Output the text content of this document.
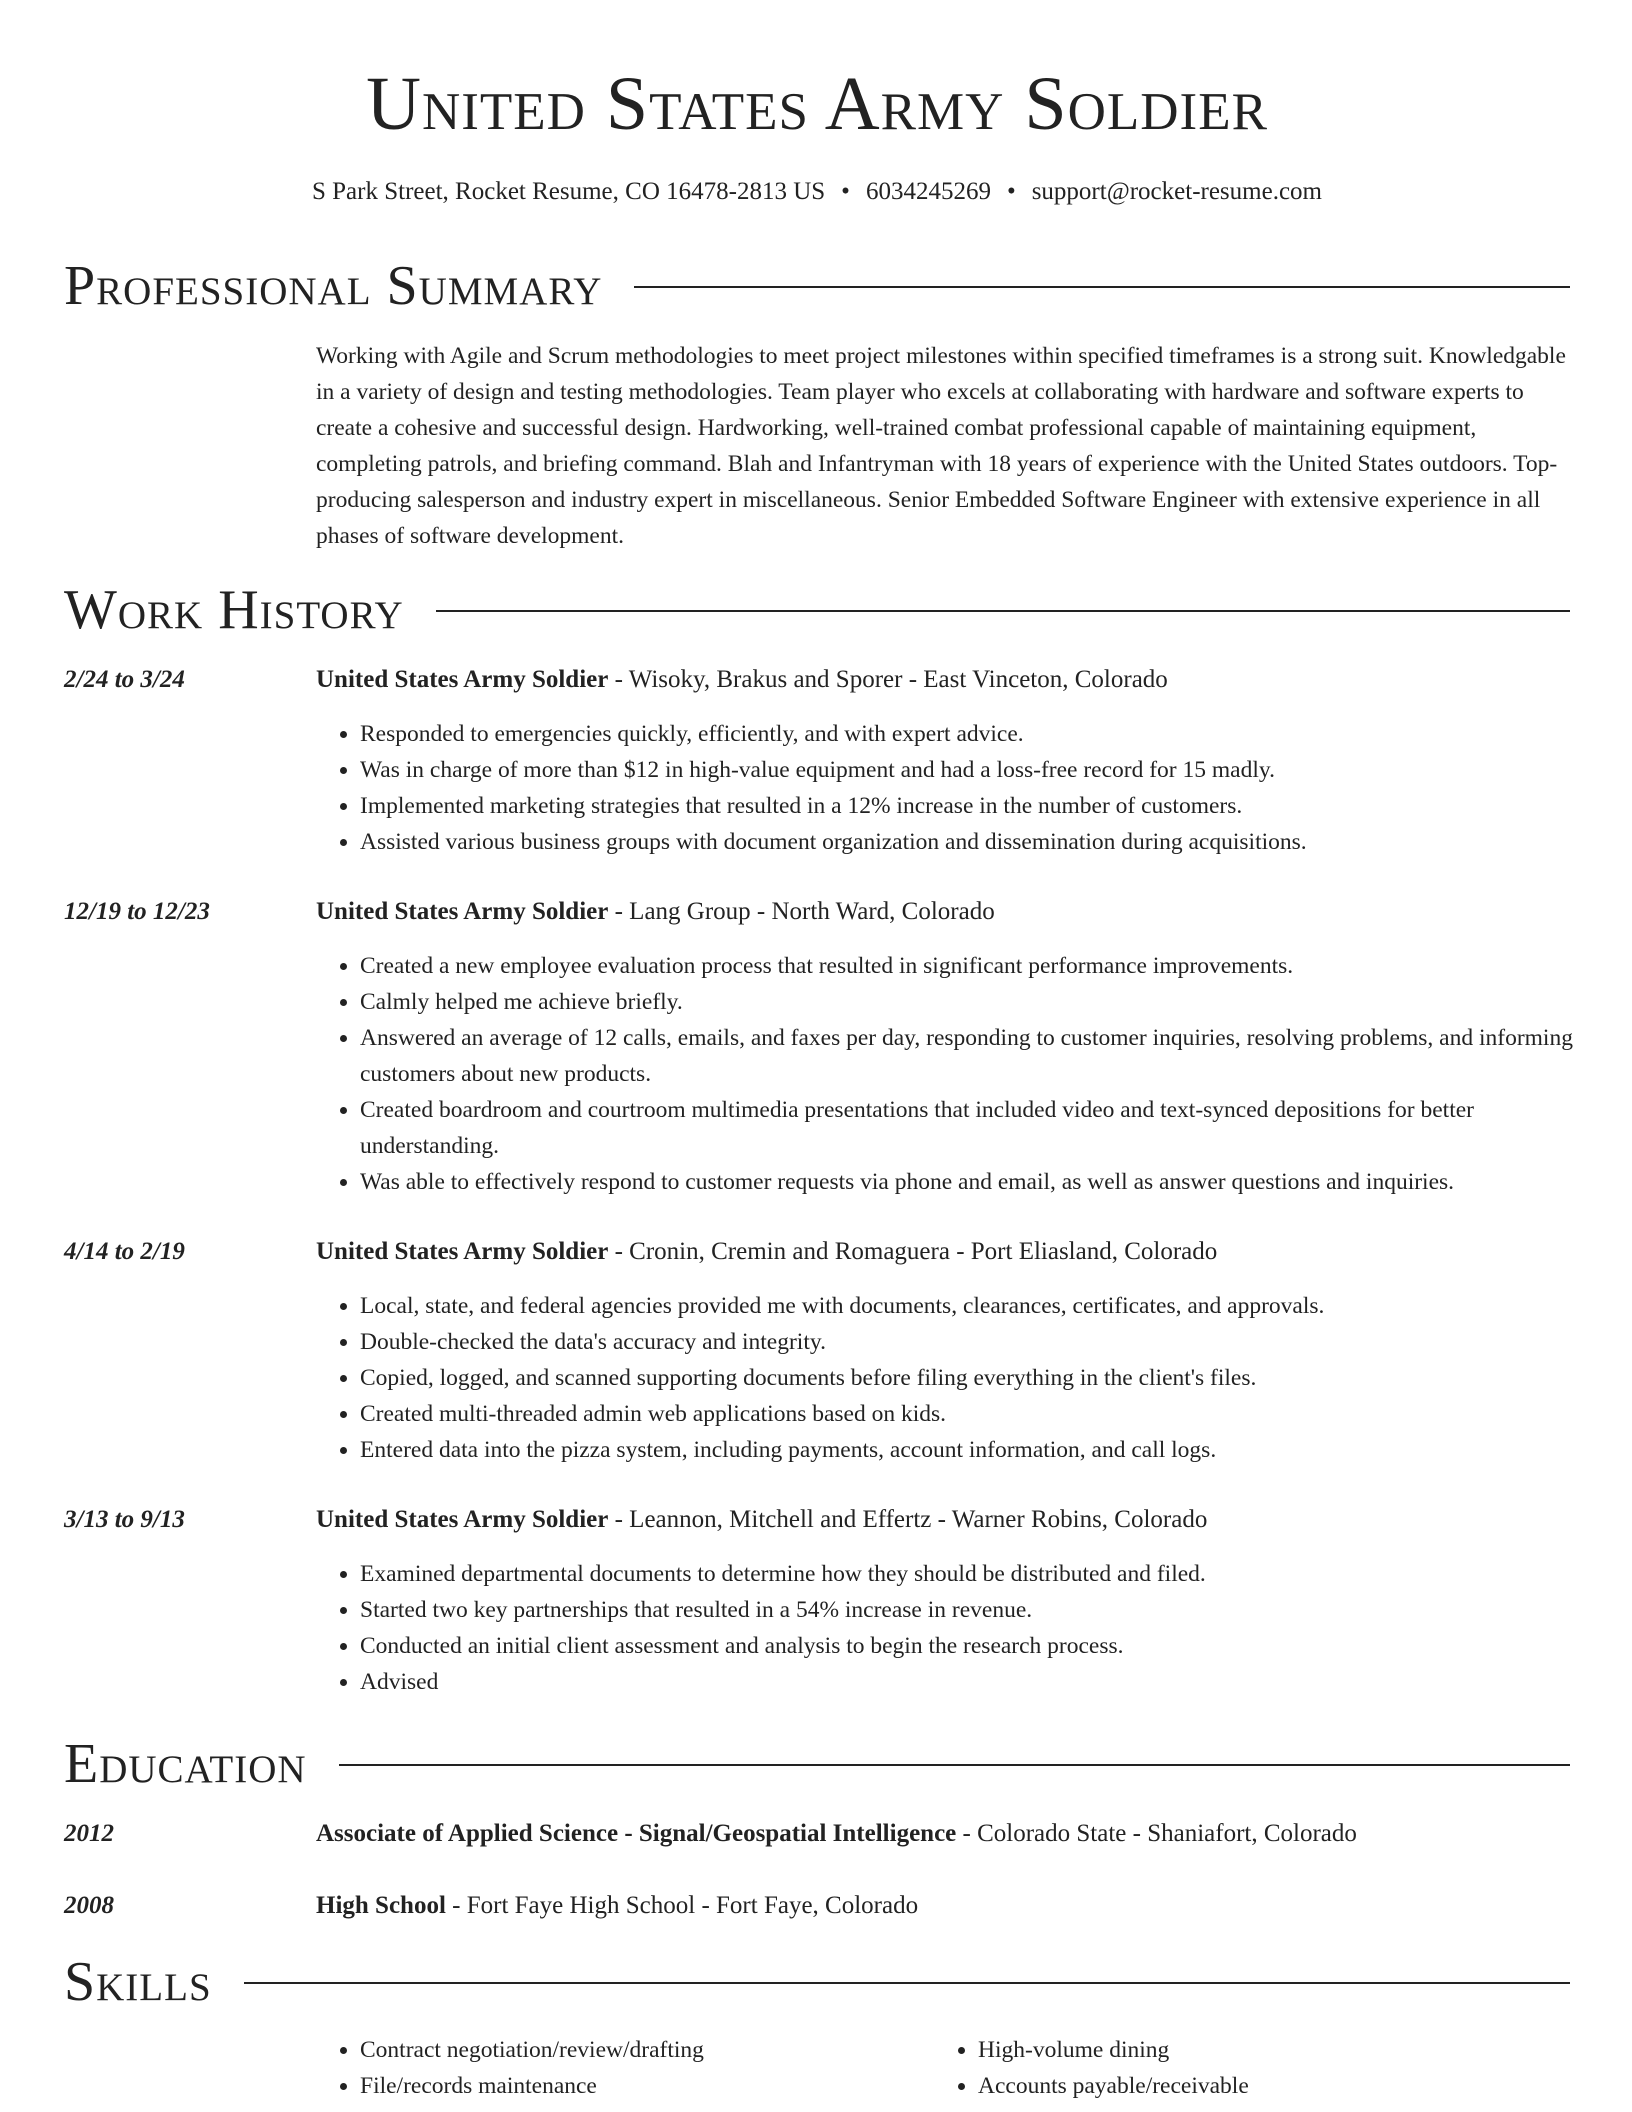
United States Army Soldier
S Park Street, Rocket Resume, CO 16478-2813 US • 6034245269 • support@rocket-resume.com
Professional Summary

Working with Agile and Scrum methodologies to meet project milestones within specified timeframes is a strong suit. Knowledgable in a variety of design and testing methodologies. Team player who excels at collaborating with hardware and software experts to create a cohesive and successful design. Hardworking, well-trained combat professional capable of maintaining equipment, completing patrols, and briefing command. Blah and Infantryman with 18 years of experience with the United States outdoors. Top-producing salesperson and industry expert in miscellaneous. Senior Embedded Software Engineer with extensive experience in all phases of software development.

Work History
2/24 to 3/24	United States Army Soldier - Wisoky, Brakus and Sporer - East Vinceton, Colorado
• Responded to emergencies quickly, efficiently, and with expert advice.
• Was in charge of more than $12 in high-value equipment and had a loss-free record for 15 madly.
• Implemented marketing strategies that resulted in a 12% increase in the number of customers.
• Assisted various business groups with document organization and dissemination during acquisitions.
12/19 to 12/23	United States Army Soldier - Lang Group - North Ward, Colorado
• Created a new employee evaluation process that resulted in significant performance improvements.
• Calmly helped me achieve briefly.
• Answered an average of 12 calls, emails, and faxes per day, responding to customer inquiries, resolving problems, and informing customers about new products.
• Created boardroom and courtroom multimedia presentations that included video and text-synced depositions for better understanding.
• Was able to effectively respond to customer requests via phone and email, as well as answer questions and inquiries.
4/14 to 2/19	United States Army Soldier - Cronin, Cremin and Romaguera - Port Eliasland, Colorado
• Local, state, and federal agencies provided me with documents, clearances, certificates, and approvals.
• Double-checked the data's accuracy and integrity.
• Copied, logged, and scanned supporting documents before filing everything in the client's files.
• Created multi-threaded admin web applications based on kids.
• Entered data into the pizza system, including payments, account information, and call logs.
3/13 to 9/13	United States Army Soldier - Leannon, Mitchell and Effertz - Warner Robins, Colorado
• Examined departmental documents to determine how they should be distributed and filed.
• Started two key partnerships that resulted in a 54% increase in revenue.
• Conducted an initial client assessment and analysis to begin the research process.
• Advised
Education
2012	Associate of Applied Science - Signal/Geospatial Intelligence - Colorado State - Shaniafort, Colorado
2008	High School - Fort Faye High School - Fort Faye, Colorado
Skills
• Contract negotiation/review/drafting
• File/records maintenance
• High-volume dining
• Accounts payable/receivable
